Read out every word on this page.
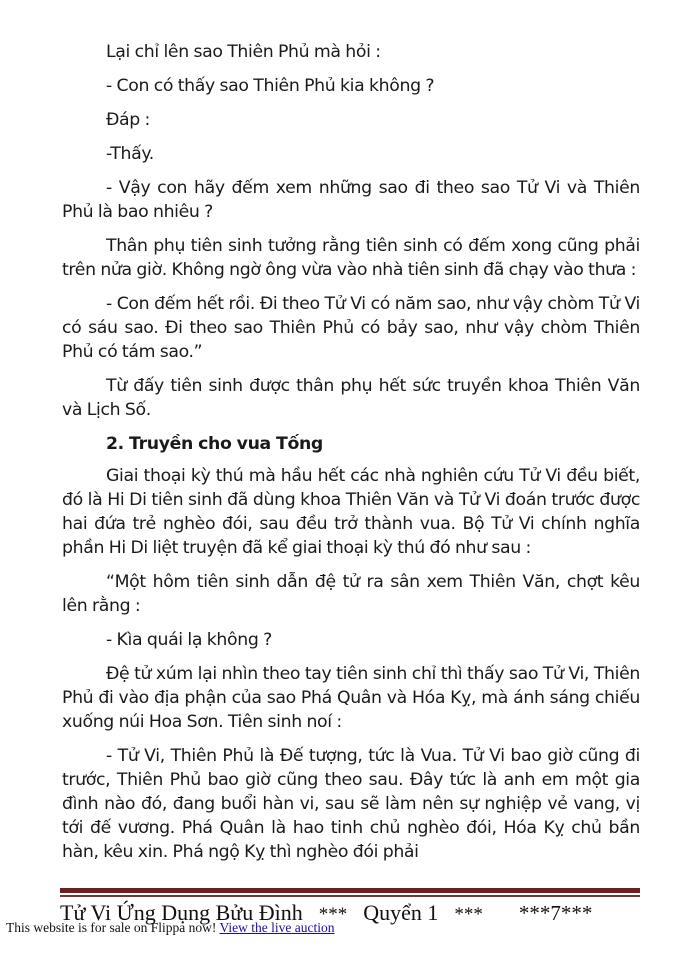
Lại chỉ lên sao Thiên Phủ mà hỏi :

- Con có thấy sao Thiên Phủ kia không ?

Đáp :

-Thấy.

- Vậy con hãy đếm xem những sao đi theo sao Tử Vi và Thiên Phủ là bao nhiêu ?

Thân phụ tiên sinh tưởng rằng tiên sinh có đếm xong cũng phải trên nửa giờ. Không ngờ ông vừa vào nhà tiên sinh đã chạy vào thưa :

- Con đếm hết rồi. Đi theo Tử Vi có năm sao, như vậy chòm Tử Vi có sáu sao. Đi theo sao Thiên Phủ có bảy sao, như vậy chòm Thiên Phủ có tám sao.”

Từ đấy tiên sinh được thân phụ hết sức truyền khoa Thiên Văn và Lịch Số.

2. Truyền cho vua Tống

Giai thoại kỳ thú mà hầu hết các nhà nghiên cứu Tử Vi đều biết, đó là Hi Di tiên sinh đã dùng khoa Thiên Văn và Tử Vi đoán trước được hai đứa trẻ nghèo đói, sau đều trở thành vua. Bộ Tử Vi chính nghĩa phần Hi Di liệt truyện đã kể giai thoại kỳ thú đó như sau :

“Một hôm tiên sinh dẫn đệ tử ra sân xem Thiên Văn, chợt kêu lên rằng :

- Kìa quái lạ không ?

Đệ tử xúm lại nhìn theo tay tiên sinh chỉ thì thấy sao Tử Vi, Thiên Phủ đi vào địa phận của sao Phá Quân và Hóa Kỵ, mà ánh sáng chiếu xuống núi Hoa Sơn. Tiên sinh noí :

- Tử Vi, Thiên Phủ là Đế tượng, tức là Vua. Tử Vi bao giờ cũng đi trước, Thiên Phủ bao giờ cũng theo sau. Đây tức là anh em một gia đình nào đó, đang buổi hàn vi, sau sẽ làm nên sự nghiệp vẻ vang, vị tới đế vương. Phá Quân là hao tinh chủ nghèo đói, Hóa Kỵ chủ bần hàn, kêu xin. Phá ngộ Kỵ thì nghèo đói phải

Tử Vi Ứng Dụng Bửu Đình *** Quyển 1 *** ***7***
This website is for sale on Flippa now! View the live auction
